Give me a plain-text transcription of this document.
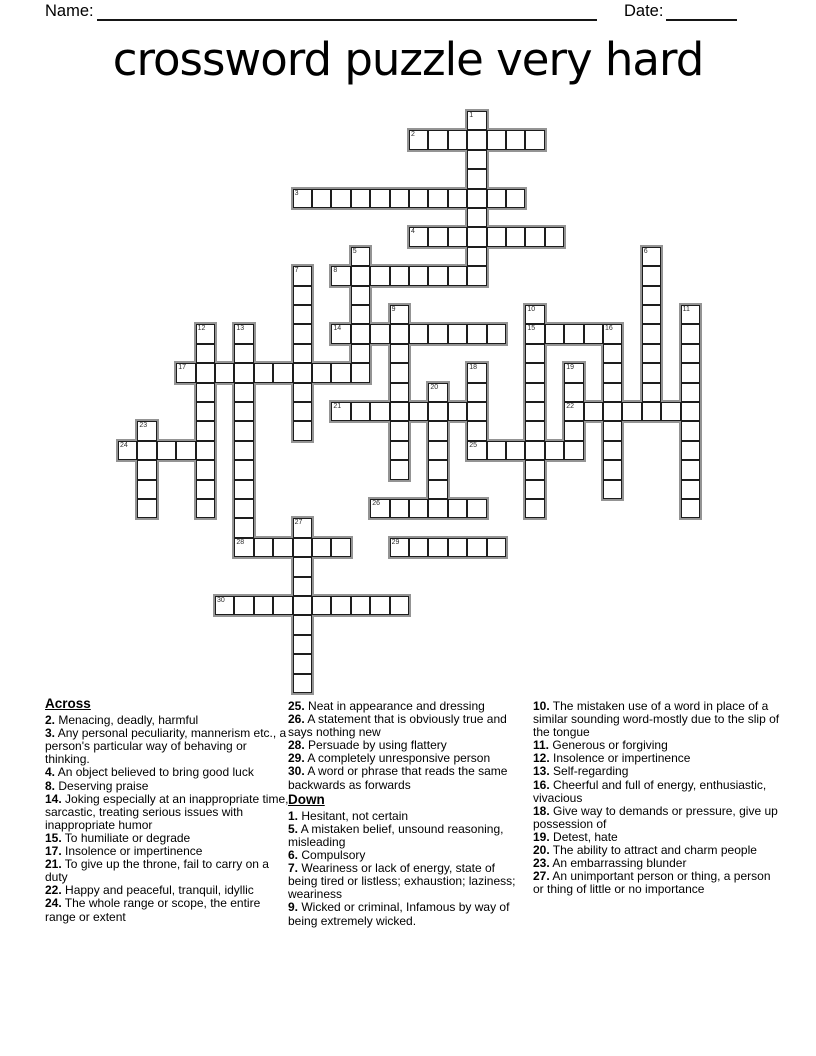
Name:	Date:
crossword puzzle very hard
1
2
3
4
5	6
7	8
9	10
15
11
12	13
28
14	16
17	18
25
19
22
20
21
23
24
26
27
29
30
Across
2. Menacing, deadly, harmful
3. Any personal peculiarity, mannerism etc., a person's particular way of behaving or thinking.
4. An object believed to bring good luck
8. Deserving praise
14. Joking especially at an inappropriate time, sarcastic, treating serious issues with inappropriate humor
15. To humiliate or degrade
17. Insolence or impertinence
21. To give up the throne, fail to carry on a duty
22. Happy and peaceful, tranquil, idyllic
24. The whole range or scope, the entire range or extent
25. Neat in appearance and dressing
26. A statement that is obviously true and says nothing new
28. Persuade by using flattery
29. A completely unresponsive person
30. A word or phrase that reads the same backwards as forwards
Down
1. Hesitant, not certain
5. A mistaken belief, unsound reasoning, misleading
6. Compulsory
7. Weariness or lack of energy, state of being tired or listless; exhaustion; laziness; weariness
9. Wicked or criminal, Infamous by way of being extremely wicked.
10. The mistaken use of a word in place of a similar sounding word-mostly due to the slip of the tongue
11. Generous or forgiving
12. Insolence or impertinence
13. Self-regarding
16. Cheerful and full of energy, enthusiastic, vivacious
18. Give way to demands or pressure, give up possession of
19. Detest, hate
20. The ability to attract and charm people
23. An embarrassing blunder
27. An unimportant person or thing, a person or thing of little or no importance
